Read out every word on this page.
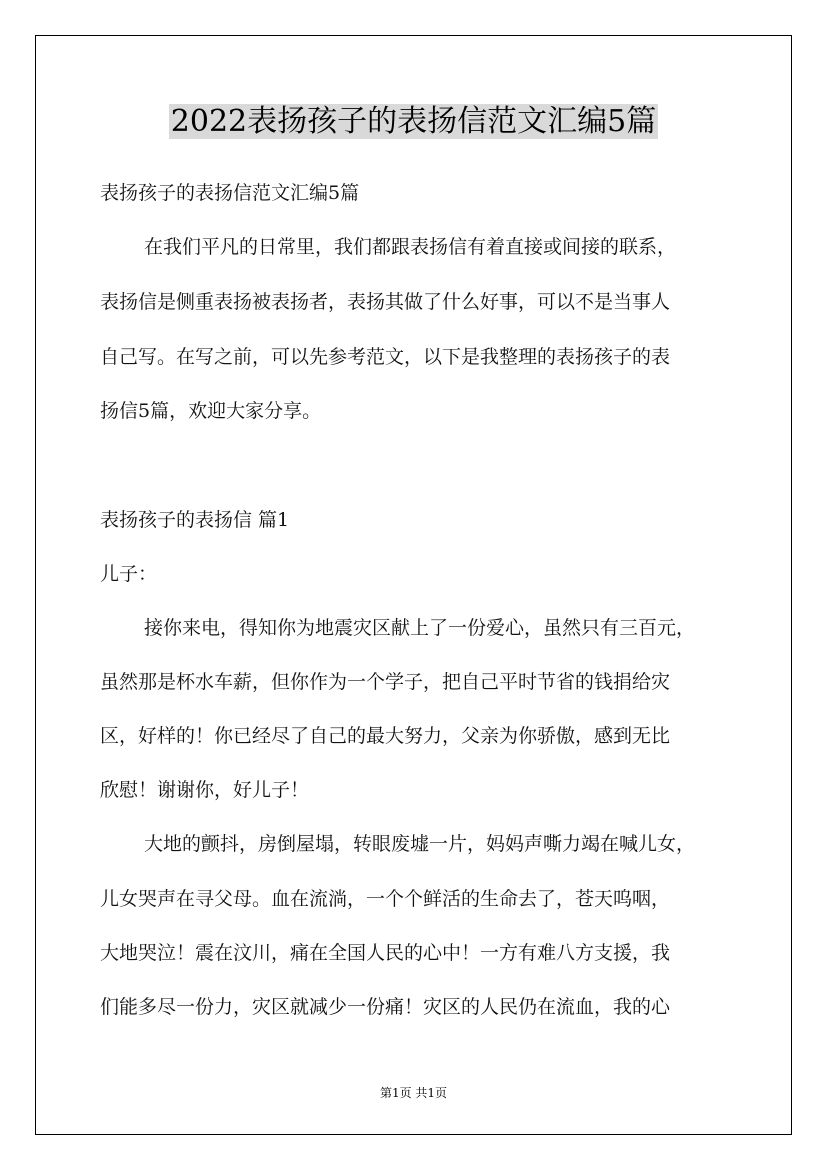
2022表扬孩子的表扬信范文汇编5篇
表扬孩子的表扬信范文汇编5篇
在我们平凡的日常里，我们都跟表扬信有着直接或间接的联系，
表扬信是侧重表扬被表扬者，表扬其做了什么好事，可以不是当事人
自己写。在写之前，可以先参考范文，以下是我整理的表扬孩子的表
扬信5篇，欢迎大家分享。
表扬孩子的表扬信 篇1
儿子：
接你来电，得知你为地震灾区献上了一份爱心，虽然只有三百元，
虽然那是杯水车薪，但你作为一个学子，把自己平时节省的钱捐给灾
区，好样的！你已经尽了自己的最大努力，父亲为你骄傲，感到无比
欣慰！谢谢你，好儿子！
大地的颤抖，房倒屋塌，转眼废墟一片，妈妈声嘶力竭在喊儿女，
儿女哭声在寻父母。血在流淌，一个个鲜活的生命去了，苍天呜咽，
大地哭泣！震在汶川，痛在全国人民的心中！一方有难八方支援，我
们能多尽一份力，灾区就减少一份痛！灾区的人民仍在流血，我的心
第1页 共1页
